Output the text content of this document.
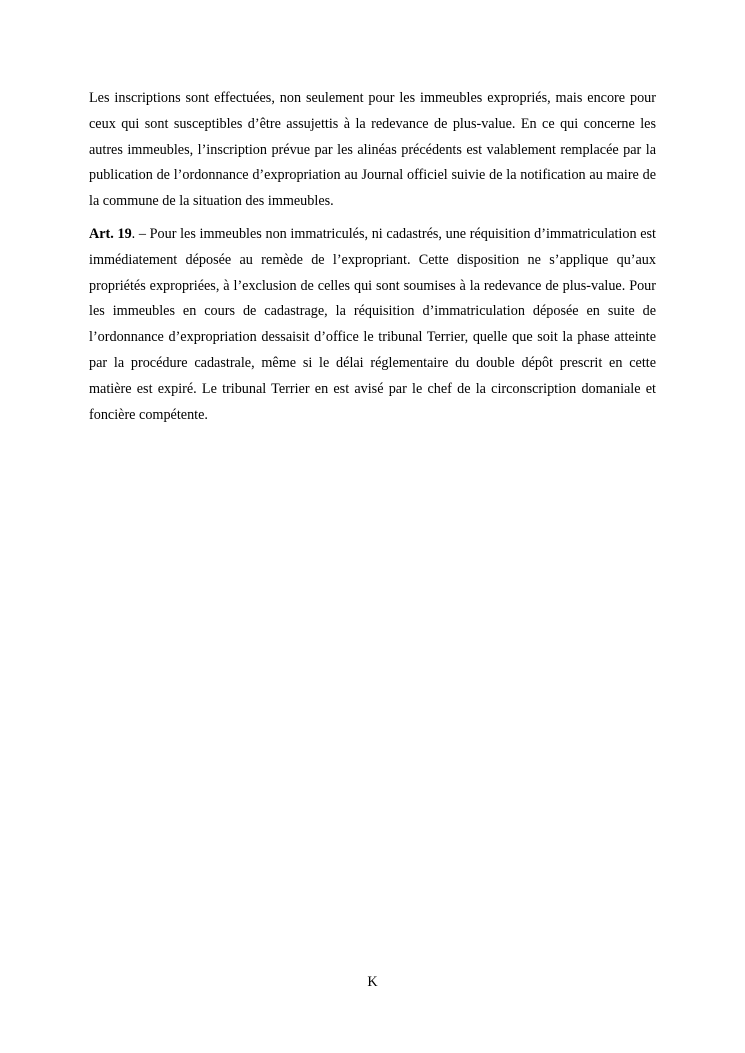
Les inscriptions sont effectuées, non seulement pour les immeubles expropriés, mais encore pour ceux qui sont susceptibles d’être assujettis à la redevance de plus-value. En ce qui concerne les autres immeubles, l’inscription prévue par les alinéas précédents est valablement remplacée par la publication de l’ordonnance d’expropriation au Journal officiel suivie de la notification au maire de la commune de la situation des immeubles.

Art. 19. – Pour les immeubles non immatriculés, ni cadastrés, une réquisition d’immatriculation est immédiatement déposée au remède de l’expropriant. Cette disposition ne s’applique qu’aux propriétés expropriées, à l’exclusion de celles qui sont soumises à la redevance de plus-value. Pour les immeubles en cours de cadastrage, la réquisition d’immatriculation déposée en suite de l’ordonnance d’expropriation dessaisit d’office le tribunal Terrier, quelle que soit la phase atteinte par la procédure cadastrale, même si le délai réglementaire du double dépôt prescrit en cette matière est expiré. Le tribunal Terrier en est avisé par le chef de la circonscription domaniale et foncière compétente.

K
